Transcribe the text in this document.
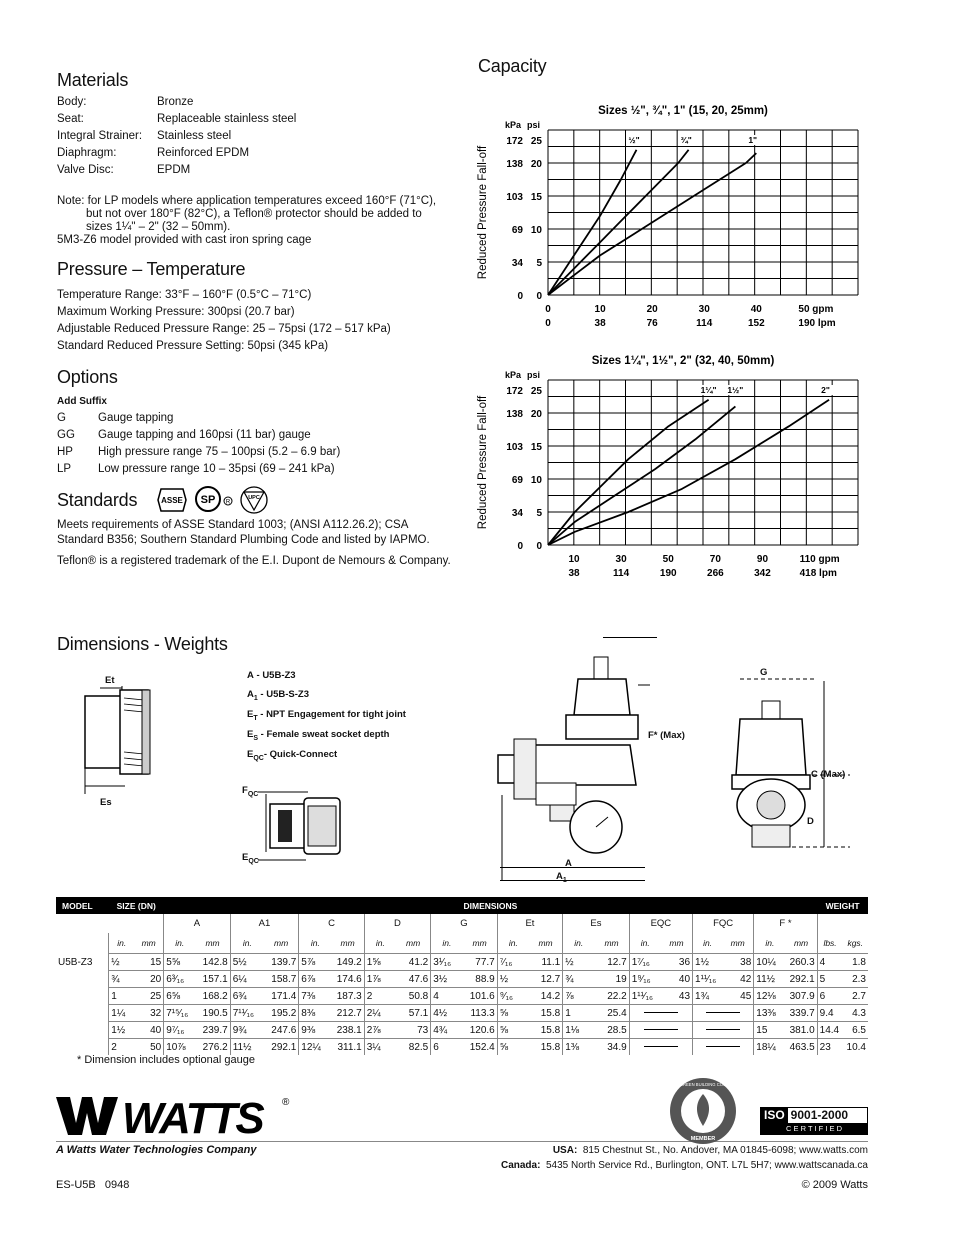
Materials
Body:	Bronze
Seat:	Replaceable stainless steel
Integral Strainer:	Stainless steel
Diaphragm:	Reinforced EPDM
Valve Disc:	EPDM
Note: for LP models where application temperatures exceed 160°F (71°C),
but not over 180°F (82°C), a Teflon® protector should be added to
sizes 1¼" – 2" (32 – 50mm).
5M3-Z6 model provided with cast iron spring cage
Pressure – Temperature
Temperature Range: 33°F – 160°F (0.5°C – 71°C)
Maximum Working Pressure: 300psi (20.7 bar)
Adjustable Reduced Pressure Range: 25 – 75psi (172 – 517 kPa)
Standard Reduced Pressure Setting: 50psi (345 kPa)
Options
Add Suffix
G	Gauge tapping
GG	Gauge tapping and 160psi (11 bar) gauge
HP	High pressure range 75 – 100psi (5.2 – 6.9 bar)
LP	Low pressure range 10 – 35psi (69 – 241 kPa)
Standards	ASSE SP R
UPC
Meets requirements of ASSE Standard 1003; (ANSI A112.26.2); CSA
Standard B356; Southern Standard Plumbing Code and listed by IAPMO.
Teflon® is a registered trademark of the E.I. Dupont de Nemours & Company.
Capacity
Sizes ½", ¾", 1" (15, 20, 25mm)
Reduced Pressure Fall-off
kPa psi
0 0
34 5
69 10
103 15
138 20
172 25
0
0
10
38
20
76
30
114
40
152
50 gpm
190 lpm
½"	¾"	1"
Sizes 1¼", 1½", 2" (32, 40, 50mm)
Reduced Pressure Fall-off
kPa psi
0 0
34 5
69 10
103 15
138 20
172 25
10
38
30
114
50
190
70
266
90
342
110 gpm
418 lpm
1¼" 1½"	2"
Dimensions - Weights
Et
Es
A - U5B-Z3
$A_1 - U5B-S-Z3$
$E_T$ - NPT Engagement for tight joint
$E_S$ - Female sweat socket depth
$E_{QC}-$ Quick-Connect
$F_{QC}$
$E_{QC}$
F* (Max)
A
$A_1$
G
C (Max)
D
MODEL	SIZE (DN)		DIMENSIONS																				WEIGHT	
			A		A1		C		D		G		Et		Es		EQC		FQC		F *			
	in.	mm	in.	mm	in.	mm	in.	mm	in.	mm	in.	mm	in.	mm	in.	mm	in.	mm	in.	mm	in.	mm	lbs.	kgs.
U5B-Z3	½	15	5⅝	142.8	5½	139.7	5⅞	149.2	1⅝	41.2	3¹⁄₁₆	77.7	⁷⁄₁₆	11.1	½	12.7	1⁷⁄₁₆	36	1½	38	10¼	260.3	4	1.8
	¾	20	6³⁄₁₆	157.1	6¼	158.7	6⅞	174.6	1⅞	47.6	3½	88.9	½	12.7	¾	19	1⁹⁄₁₆	40	1¹¹⁄₁₆	42	11½	292.1	5	2.3
	1	25	6⅝	168.2	6¾	171.4	7⅜	187.3	2	50.8	4	101.6	⁹⁄₁₆	14.2	⅞	22.2	1¹¹⁄₁₆	43	1¾	45	12⅛	307.9	6	2.7
	1¼	32	7¹⁵⁄₁₆	190.5	7¹¹⁄₁₆	195.2	8⅜	212.7	2¼	57.1	4½	113.3	⅝	15.8	1	25.4					13⅜	339.7	9.4	4.3
	1½	40	9⁷⁄₁₆	239.7	9¾	247.6	9⅜	238.1	2⅞	73	4¾	120.6	⅝	15.8	1⅛	28.5					15	381.0	14.4	6.5
	2	50	10⅞	276.2	11½	292.1	12¼	311.1	3¼	82.5	6	152.4	⅝	15.8	1⅜	34.9					18¼	463.5	23	10.4
* Dimension includes optional gauge
WATTS ®
A Watts Water Technologies Company
MEMBER
U.S. GREEN BUILDING COUNCIL
ISO 9001-2000
C E R T I F I E D
USA: 815 Chestnut St., No. Andover, MA 01845-6098; www.watts.com
Canada: 5435 North Service Rd., Burlington, ONT. L7L 5H7; www.wattscanada.ca
ES-U5B   0948	© 2009 Watts
